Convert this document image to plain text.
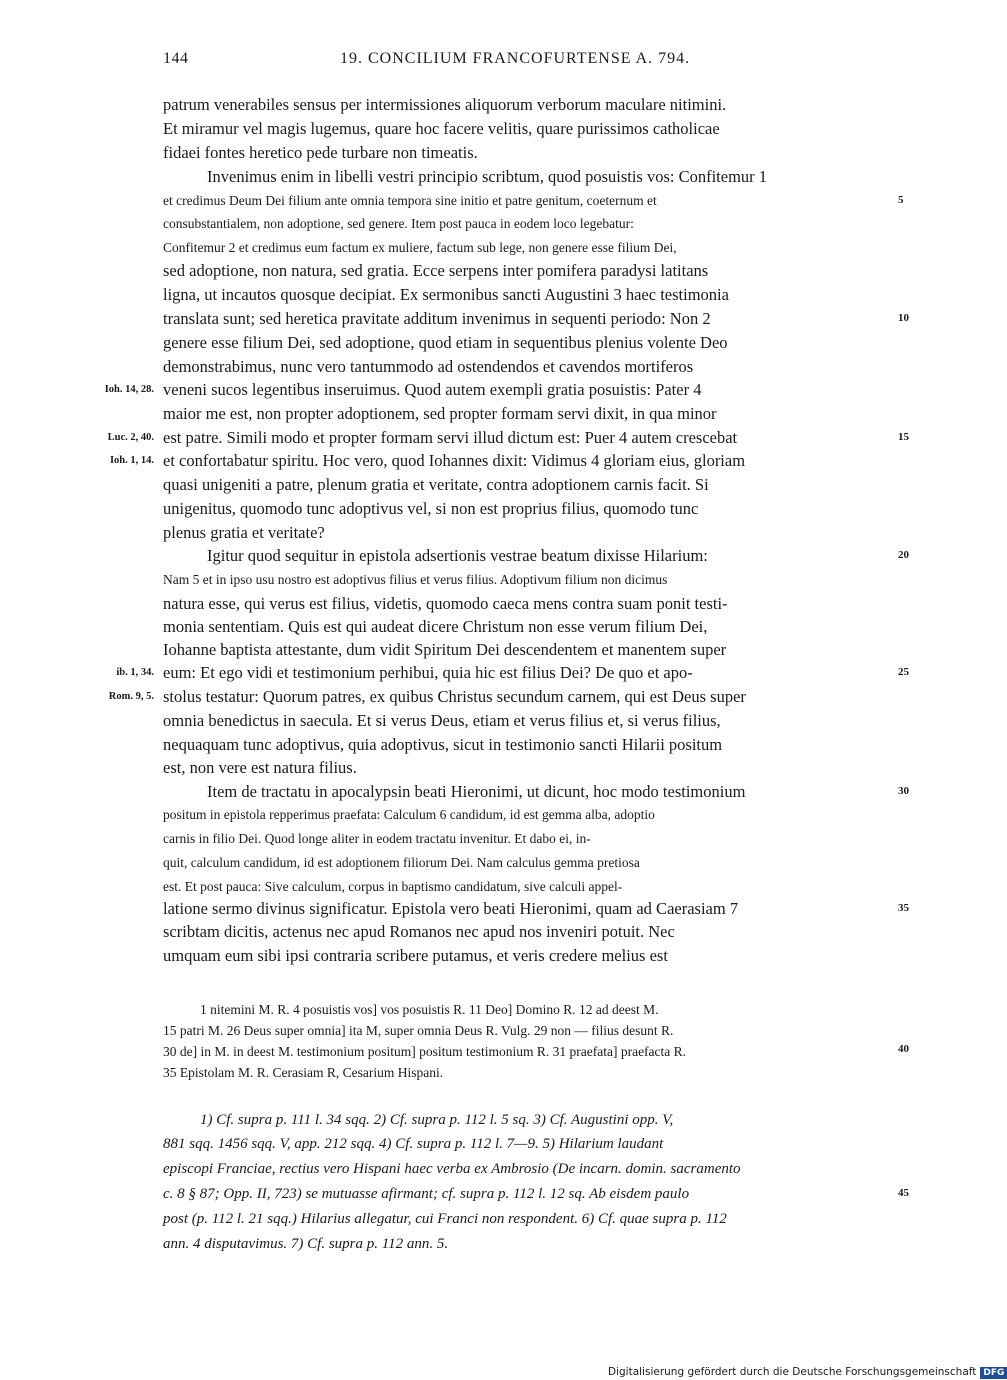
144	19. CONCILIUM FRANCOFURTENSE A. 794.
patrum venerabiles sensus per intermissiones aliquorum verborum maculare nitimini.
Et miramur vel magis lugemus, quare hoc facere velitis, quare purissimos catholicae
fidaei fontes heretico pede turbare non timeatis.
Invenimus enim in libelli vestri principio scribtum, quod posuistis vos: Confitemur 1
et credimus Deum Dei filium ante omnia tempora sine initio et patre genitum, coeternum et
consubstantialem, non adoptione, sed genere. Item post pauca in eodem loco legebatur:
Confitemur 2 et credimus eum factum ex muliere, factum sub lege, non genere esse filium Dei,
sed adoptione, non natura, sed gratia. Ecce serpens inter pomifera paradysi latitans
ligna, ut incautos quosque decipiat. Ex sermonibus sancti Augustini 3 haec testimonia
translata sunt; sed heretica pravitate additum invenimus in sequenti periodo: Non 2
genere esse filium Dei, sed adoptione, quod etiam in sequentibus plenius volente Deo
demonstrabimus, nunc vero tantummodo ad ostendendos et cavendos mortiferos
veneni sucos legentibus inseruimus. Quod autem exempli gratia posuistis: Pater 4
maior me est, non propter adoptionem, sed propter formam servi dixit, in qua minor
est patre. Simili modo et propter formam servi illud dictum est: Puer 4 autem crescebat
et confortabatur spiritu. Hoc vero, quod Iohannes dixit: Vidimus 4 gloriam eius, gloriam
quasi unigeniti a patre, plenum gratia et veritate, contra adoptionem carnis facit. Si
unigenitus, quomodo tunc adoptivus vel, si non est proprius filius, quomodo tunc
plenus gratia et veritate?
Igitur quod sequitur in epistola adsertionis vestrae beatum dixisse Hilarium:
Nam 5 et in ipso usu nostro est adoptivus filius et verus filius. Adoptivum filium non dicimus
natura esse, qui verus est filius, videtis, quomodo caeca mens contra suam ponit testi-
monia sententiam. Quis est qui audeat dicere Christum non esse verum filium Dei,
Iohanne baptista attestante, dum vidit Spiritum Dei descendentem et manentem super
eum: Et ego vidi et testimonium perhibui, quia hic est filius Dei? De quo et apo-
stolus testatur: Quorum patres, ex quibus Christus secundum carnem, qui est Deus super
omnia benedictus in saecula. Et si verus Deus, etiam et verus filius et, si verus filius,
nequaquam tunc adoptivus, quia adoptivus, sicut in testimonio sancti Hilarii positum
est, non vere est natura filius.
Item de tractatu in apocalypsin beati Hieronimi, ut dicunt, hoc modo testimonium
positum in epistola repperimus praefata: Calculum 6 candidum, id est gemma alba, adoptio
carnis in filio Dei. Quod longe aliter in eodem tractatu invenitur. Et dabo ei, in-
quit, calculum candidum, id est adoptionem filiorum Dei. Nam calculus gemma pretiosa
est. Et post pauca: Sive calculum, corpus in baptismo candidatum, sive calculi appel-
latione sermo divinus significatur. Epistola vero beati Hieronimi, quam ad Caerasiam 7
scribtam dicitis, actenus nec apud Romanos nec apud nos inveniri potuit. Nec
umquam eum sibi ipsi contraria scribere putamus, et veris credere melius est
5
10
15
20
25
30
35
Ioh. 14, 28.
Luc. 2, 40.
Ioh. 1, 14.
ib. 1, 34.
Rom. 9, 5.
1 nitemini M. R. 4 posuistis vos] vos posuistis R. 11 Deo] Domino R. 12 ad deest M.
15 patri M. 26 Deus super omnia] ita M, super omnia Deus R. Vulg. 29 non — filius desunt R.
30 de] in M. in deest M. testimonium positum] positum testimonium R. 31 praefata] praefacta R.
35 Epistolam M. R. Cerasiam R, Cesarium Hispani.
40
1) Cf. supra p. 111 l. 34 sqq. 2) Cf. supra p. 112 l. 5 sq. 3) Cf. Augustini opp. V,
881 sqq. 1456 sqq. V, app. 212 sqq. 4) Cf. supra p. 112 l. 7—9. 5) Hilarium laudant
episcopi Franciae, rectius vero Hispani haec verba ex Ambrosio (De incarn. domin. sacramento
c. 8 § 87; Opp. II, 723) se mutuasse afirmant; cf. supra p. 112 l. 12 sq. Ab eisdem paulo
post (p. 112 l. 21 sqq.) Hilarius allegatur, cui Franci non respondent. 6) Cf. quae supra p. 112
ann. 4 disputavimus. 7) Cf. supra p. 112 ann. 5.
45
Digitalisierung gefördert durch die Deutsche Forschungsgemeinschaft DFG
